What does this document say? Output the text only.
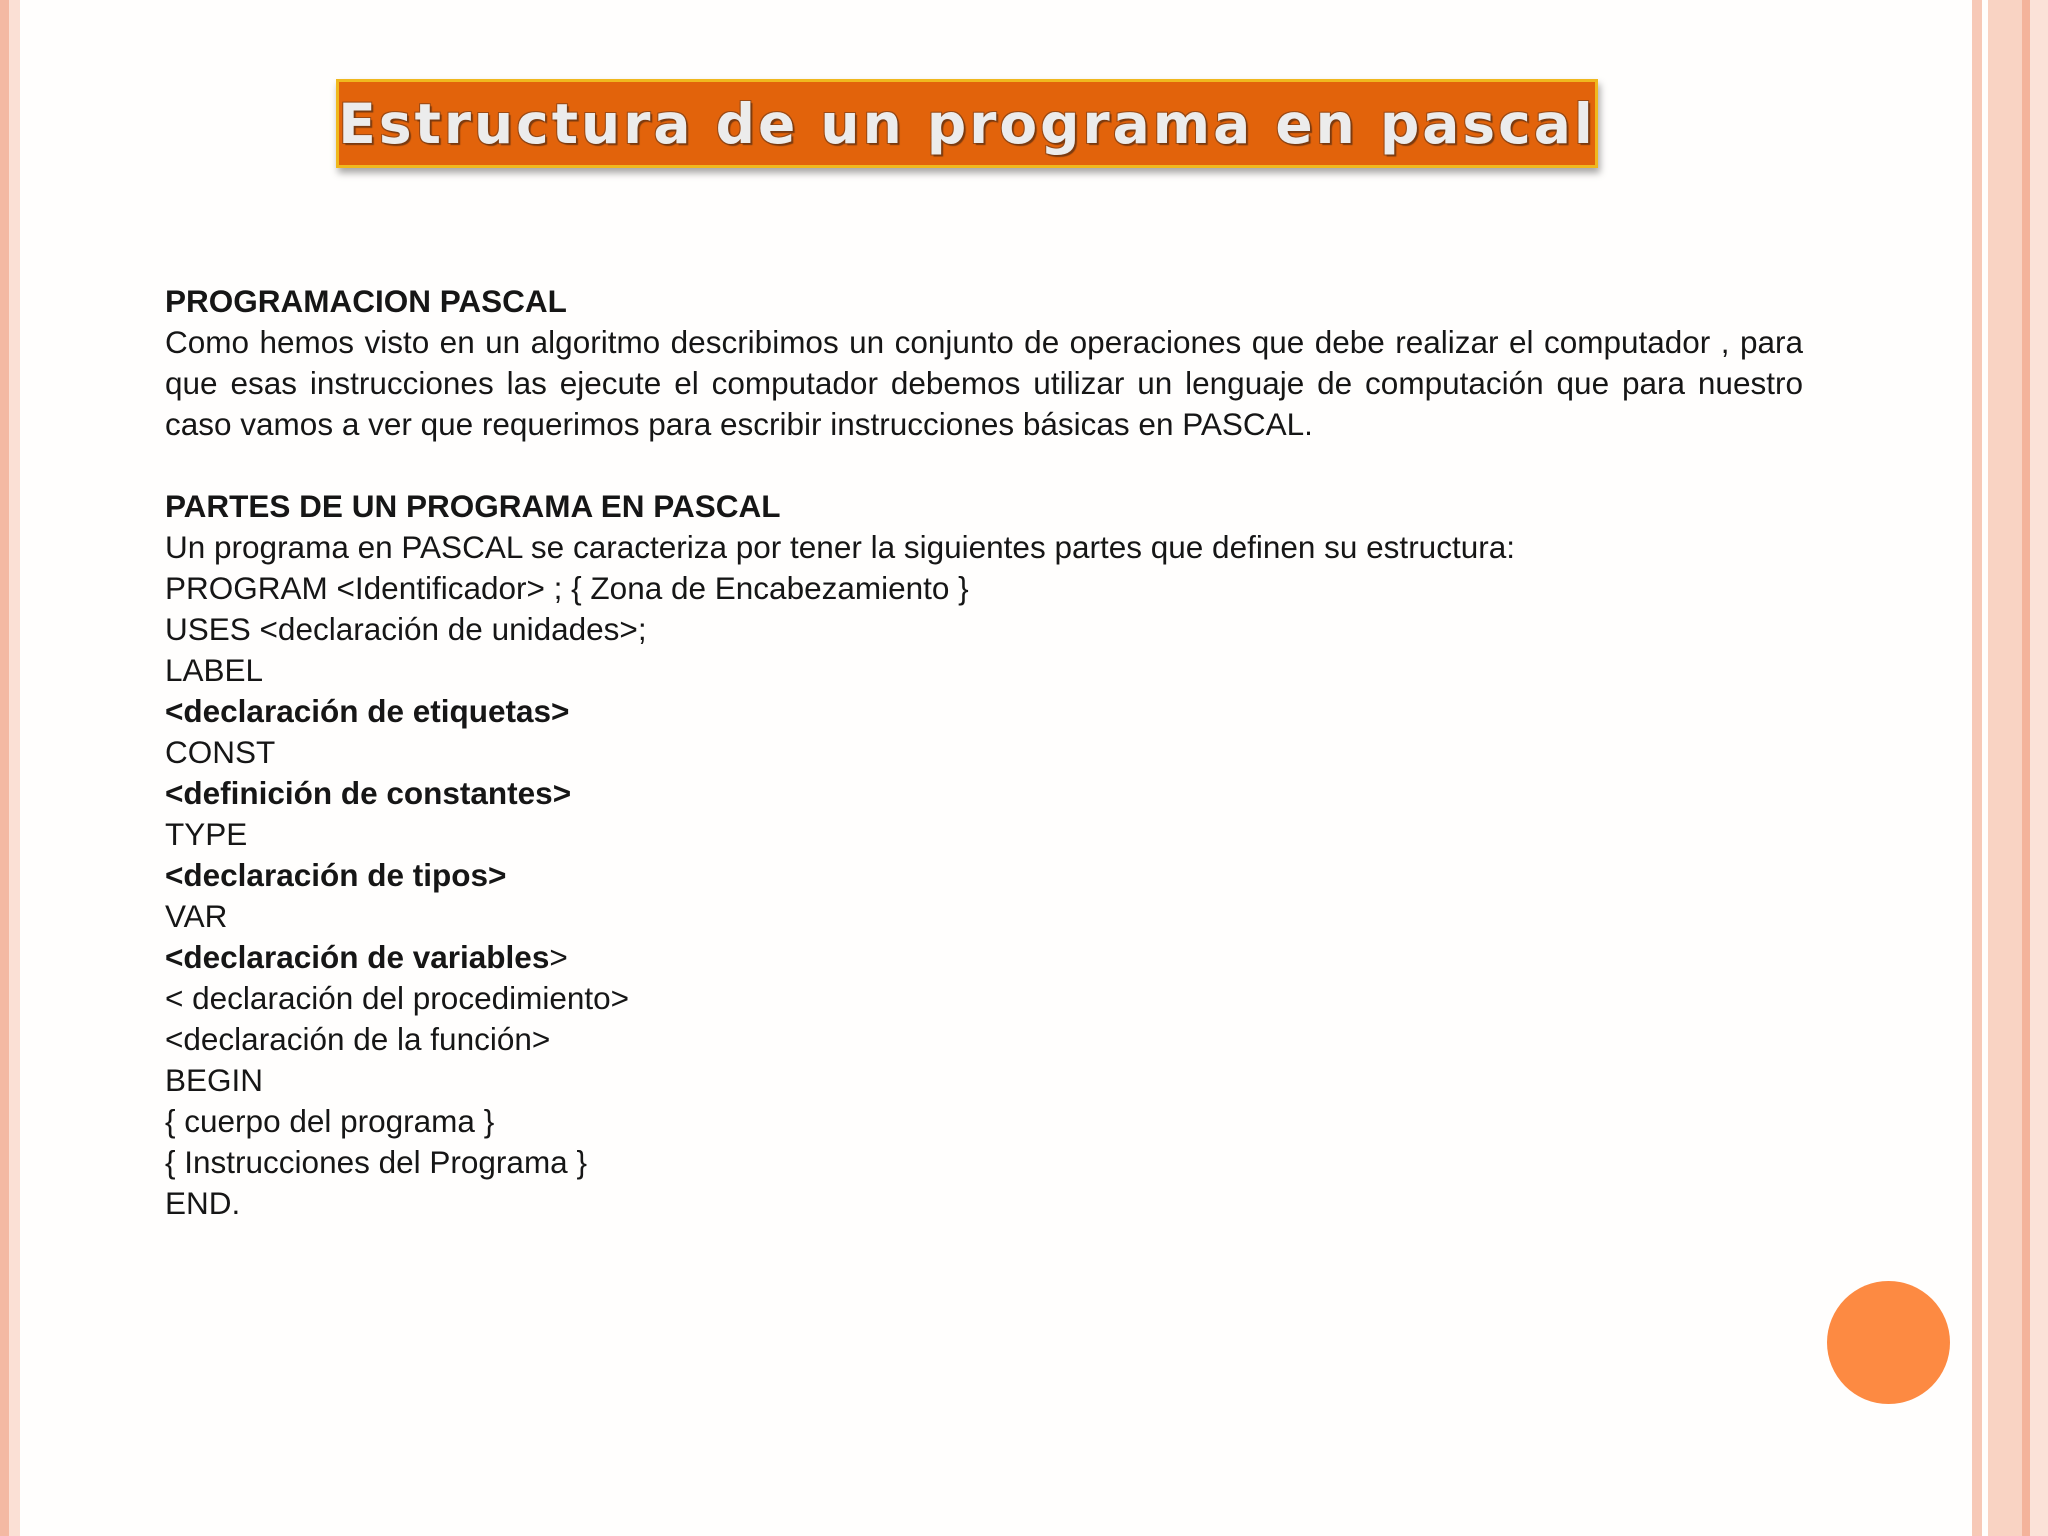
Estructura de un programa en pascal
PROGRAMACION PASCAL
Como hemos visto en un algoritmo describimos un conjunto de operaciones que debe realizar el computador , para que esas instrucciones las ejecute el computador debemos utilizar un lenguaje de computación que para nuestro caso vamos a ver que requerimos para escribir instrucciones básicas en PASCAL.
PARTES DE UN PROGRAMA EN PASCAL
Un programa en PASCAL se caracteriza por tener la siguientes partes que definen su estructura:
PROGRAM <Identificador> ; { Zona de Encabezamiento }
USES <declaración de unidades>;
LABEL
<declaración de etiquetas>
CONST
<definición de constantes>
TYPE
<declaración de tipos>
VAR
<declaración de variables>
< declaración del procedimiento>
<declaración de la función>
BEGIN
{ cuerpo del programa }
{ Instrucciones del Programa }
END.
